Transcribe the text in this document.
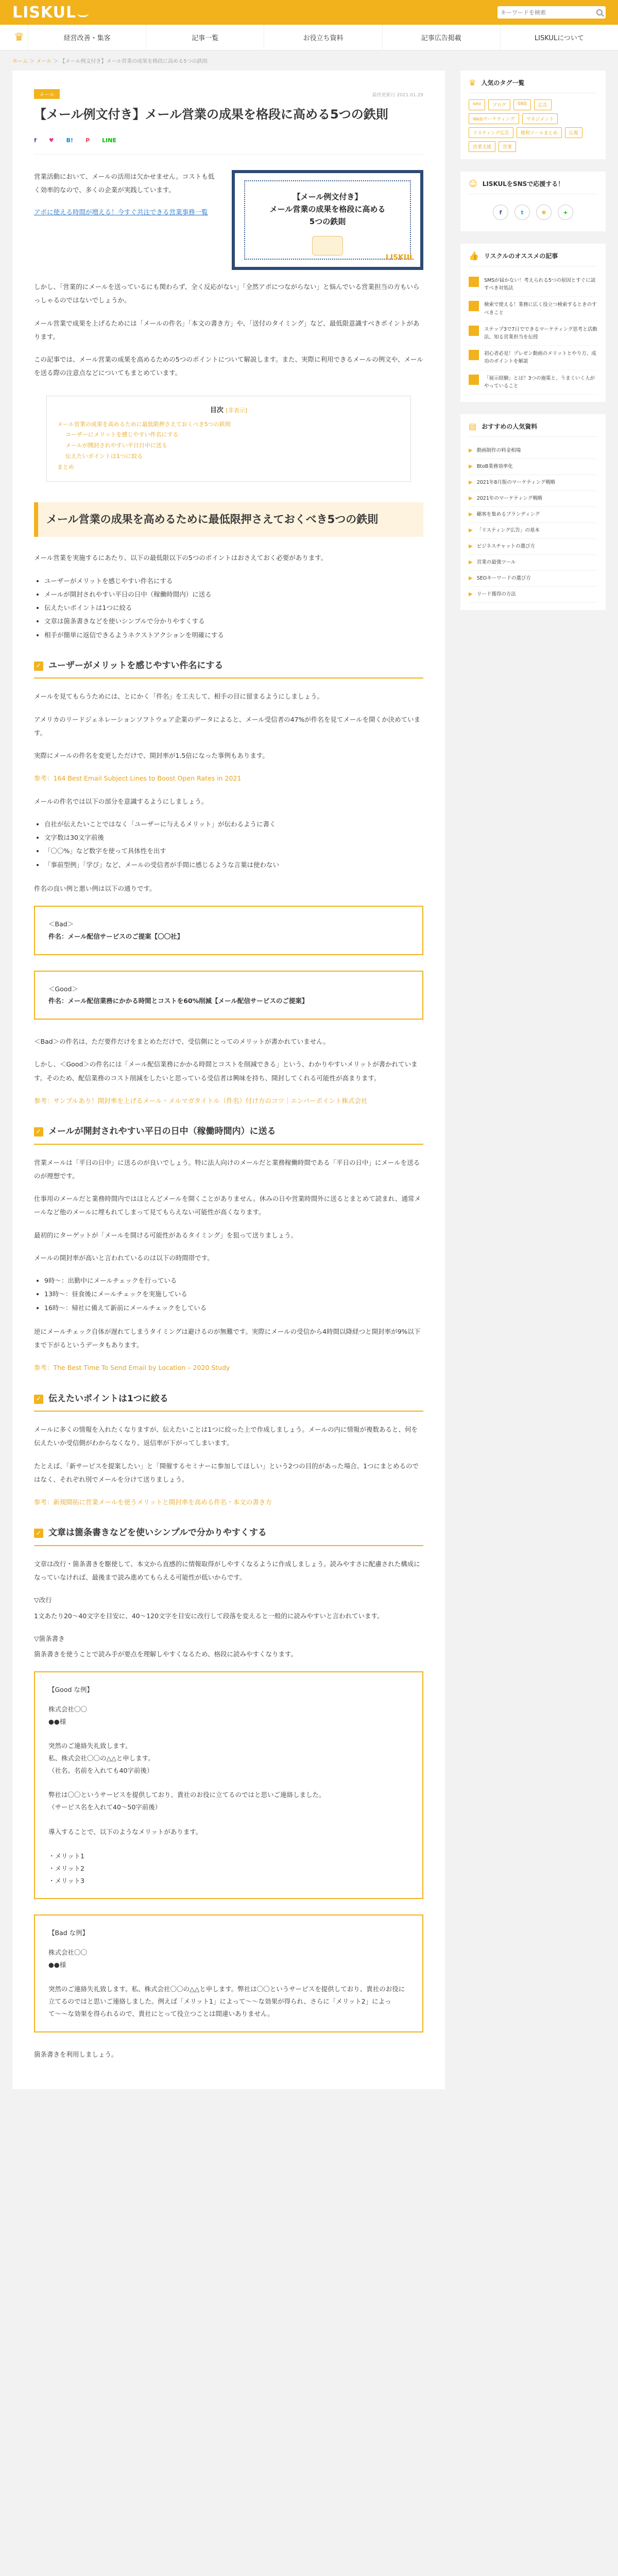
LISKUL
キーワードを検索
♛	経営改善・集客	記事一覧	お役立ち資料	記事広告掲載	LISKULについて
ホーム ＞ メール ＞ 【メール例文付き】メール営業の成果を格段に高める5つの鉄則
メール	最終更新日 2021.01.29
【メール例文付き】メール営業の成果を格段に高める5つの鉄則
f ♥ B! P LINE

営業活動において、メールの活用は欠かせません。コストも低く効率的なので、多くの企業が実践しています。

アポに使える時間が増える！今すぐ共注できる営業事務一覧

【メール例文付き】
メール営業の成果を格段に高める
5つの鉄則
LISKUL

しかし、「営業的にメールを送っているにも関わらず、全く反応がない」「全然アポにつながらない」と悩んでいる営業担当の方もいらっしゃるのではないでしょうか。

メール営業で成果を上げるためには「メールの件名」「本文の書き方」や、「送付のタイミング」など、最低限意識すべきポイントがあります。

この記事では、メール営業の成果を高めるための5つのポイントについて解説します。また、実際に利用できるメールの例文や、メールを送る際の注意点などについてもまとめています。

目次 [非表示]
メール営業の成果を高めるために最低限押さえておくべき5つの鉄則
ユーザーにメリットを感じやすい件名にする
メールが開封されやすい平日日中に送る
伝えたいポイントは1つに絞る
まとめ
メール営業の成果を高めるために最低限押さえておくべき5つの鉄則

メール営業を実施するにあたり、以下の最低限以下の5つのポイントはおさえておく必要があります。

• ユーザーがメリットを感じやすい件名にする
• メールが開封されやすい平日の日中（稼働時間内）に送る
• 伝えたいポイントは1つに絞る
• 文章は箇条書きなどを使いシンプルで分かりやすくする
• 相手が簡単に返信できるようネクストアクションを明確にする
✓ ユーザーがメリットを感じやすい件名にする

メールを見てもらうためには、とにかく「件名」を工夫して、相手の目に留まるようにしましょう。

アメリカのリードジェネレーションソフトウェア企業のデータによると、メール受信者の47%が件名を見てメールを開くか決めています。

実際にメールの件名を変更しただけで、開封率が1.5倍になった事例もあります。

参考：164 Best Email Subject Lines to Boost Open Rates in 2021

メールの件名では以下の部分を意識するようにしましょう。

• 自社が伝えたいことではなく「ユーザーに与えるメリット」が伝わるように書く
• 文字数は30文字前後
• 「〇〇%」など数字を使って具体性を出す
• 「事前型例」「学び」など、メールの受信者が手間に感じるような言葉は使わない

件名の良い例と悪い例は以下の通りです。

＜Bad＞
件名：メール配信サービスのご提案【〇〇社】
＜Good＞
件名：メール配信業務にかかる時間とコストを60%削減【メール配信サービスのご提案】

＜Bad＞の件名は、ただ要件だけをまとめただけで、受信側にとってのメリットが書かれていません。

しかし、＜Good＞の件名には「メール配信業務にかかる時間とコストを削減できる」という、わかりやすいメリットが書かれています。そのため、配信業務のコスト削減をしたいと思っている受信者は興味を持ち、開封してくれる可能性が高まります。

参考：サンプルあり！開封率を上げるメール・メルマガタイトル（件名）付け方のコツ｜エンバーポイント株式会社

✓ メールが開封されやすい平日の日中（稼働時間内）に送る

営業メールは「平日の日中」に送るのが良いでしょう。特に法人向けのメールだと業務稼働時間である「平日の日中」にメールを送るのが理想です。

仕事用のメールだと業務時間内ではほとんどメールを開くことがありません。休みの日や営業時間外に送るとまとめて読まれ、通常メールなど他のメールに埋もれてしまって見てもらえない可能性が高くなります。

最初的にターゲットが「メールを開ける可能性があるタイミング」を狙って送りましょう。

メールの開封率が高いと言われているのは以下の時間帯です。

• 9時〜：出勤中にメールチェックを行っている
• 13時〜：昼食後にメールチェックを実施している
• 16時〜：帰社に備えて新前にメールチェックをしている

逆にメールチェック自体が遅れてしまうタイミングは避けるのが無難です。実際にメールの受信から4時間以降経つと開封率が9%以下まで下がるというデータもあります。

参考：The Best Time To Send Email by Location – 2020 Study

✓ 伝えたいポイントは1つに絞る

メールに多くの情報を入れたくなりますが、伝えたいことは1つに絞った上で作成しましょう。メールの内に情報が複数あると、何を伝えたいか受信側がわからなくなり、返信率が下がってしまいます。

たとえば、「新サービスを提案したい」と「開催するセミナーに参加してほしい」という2つの目的があった場合、1つにまとめるのではなく、それぞれ別でメールを分けて送りましょう。

参考：新規開拓に営業メールを使うメリットと開封率を高める件名・本文の書き方

✓ 文章は箇条書きなどを使いシンプルで分かりやすくする

文章は改行・箇条書きを駆使して、本文から直感的に情報取得がしやすくなるように作成しましょう。読みやすさに配慮された構成になっていなければ、最後まで読み進めてもらえる可能性が低いからです。

▽改行

1文あたり20〜40文字を目安に、40〜120文字を目安に改行して段落を変えると一般的に読みやすいと言われています。

▽箇条書き

箇条書きを使うことで読み手が要点を理解しやすくなるため、格段に読みやすくなります。

【Good な例】
株式会社〇〇
●●様
突然のご連絡失礼致します。
私、株式会社〇〇の△△と申します。
（社名、名前を入れても40字前後）
弊社は〇〇というサービスを提供しており、貴社のお役に立てるのではと思いご連絡しました。
（サービス名を入れて40〜50字前後）
導入することで、以下のようなメリットがあります。
・メリット1
・メリット2
・メリット3
【Bad な例】
株式会社〇〇
●●様
突然のご連絡失礼致します。私、株式会社〇〇の△△と申します。弊社は〇〇というサービスを提供しており、貴社のお役に立てるのではと思いご連絡しました。例えば「メリット1」によって〜〜な効果が得られ、さらに「メリット2」によって〜〜な効果を得られるので、貴社にとって役立つことは間違いありません。

箇条書きを利用しましょう。

♛ 人気のタグ一覧
seo	ブログ	SNS	広告
Webマーケティング	マネジメント
リスティング広告	便利ツールまとめ	広報
営業支援	営業
☺ LISKULをSNSで応援する！
f	t	❀	+
👍 リスクルのオススメの記事
SMSが届かない！考えられる5つの原因とすぐに試すべき対処法
検索で使える！業務に広く役立つ検索するときのすべきこと
ステップ3で7日でできるマーケティング思考と活動法、知る営業担当を伝授
初心者必見！プレゼン動画のメリットとやり方、成功のポイントを解説
「展示経験」とは？3つの施策と、うまくいく人がやっていること
▤ おすすめの人気資料
▶ 動画制作の料金相場
▶ BtoB業務効率化
▶ 2021年8月版のマーケティング戦略
▶ 2021年のマーケティング戦略
▶ 顧客を集めるブランディング
▶ 「リスティング広告」の基本
▶ ビジネスチャットの選び方
▶ 営業の最強ツール
▶ SEOキーワードの選び方
▶ リード獲得の方法
